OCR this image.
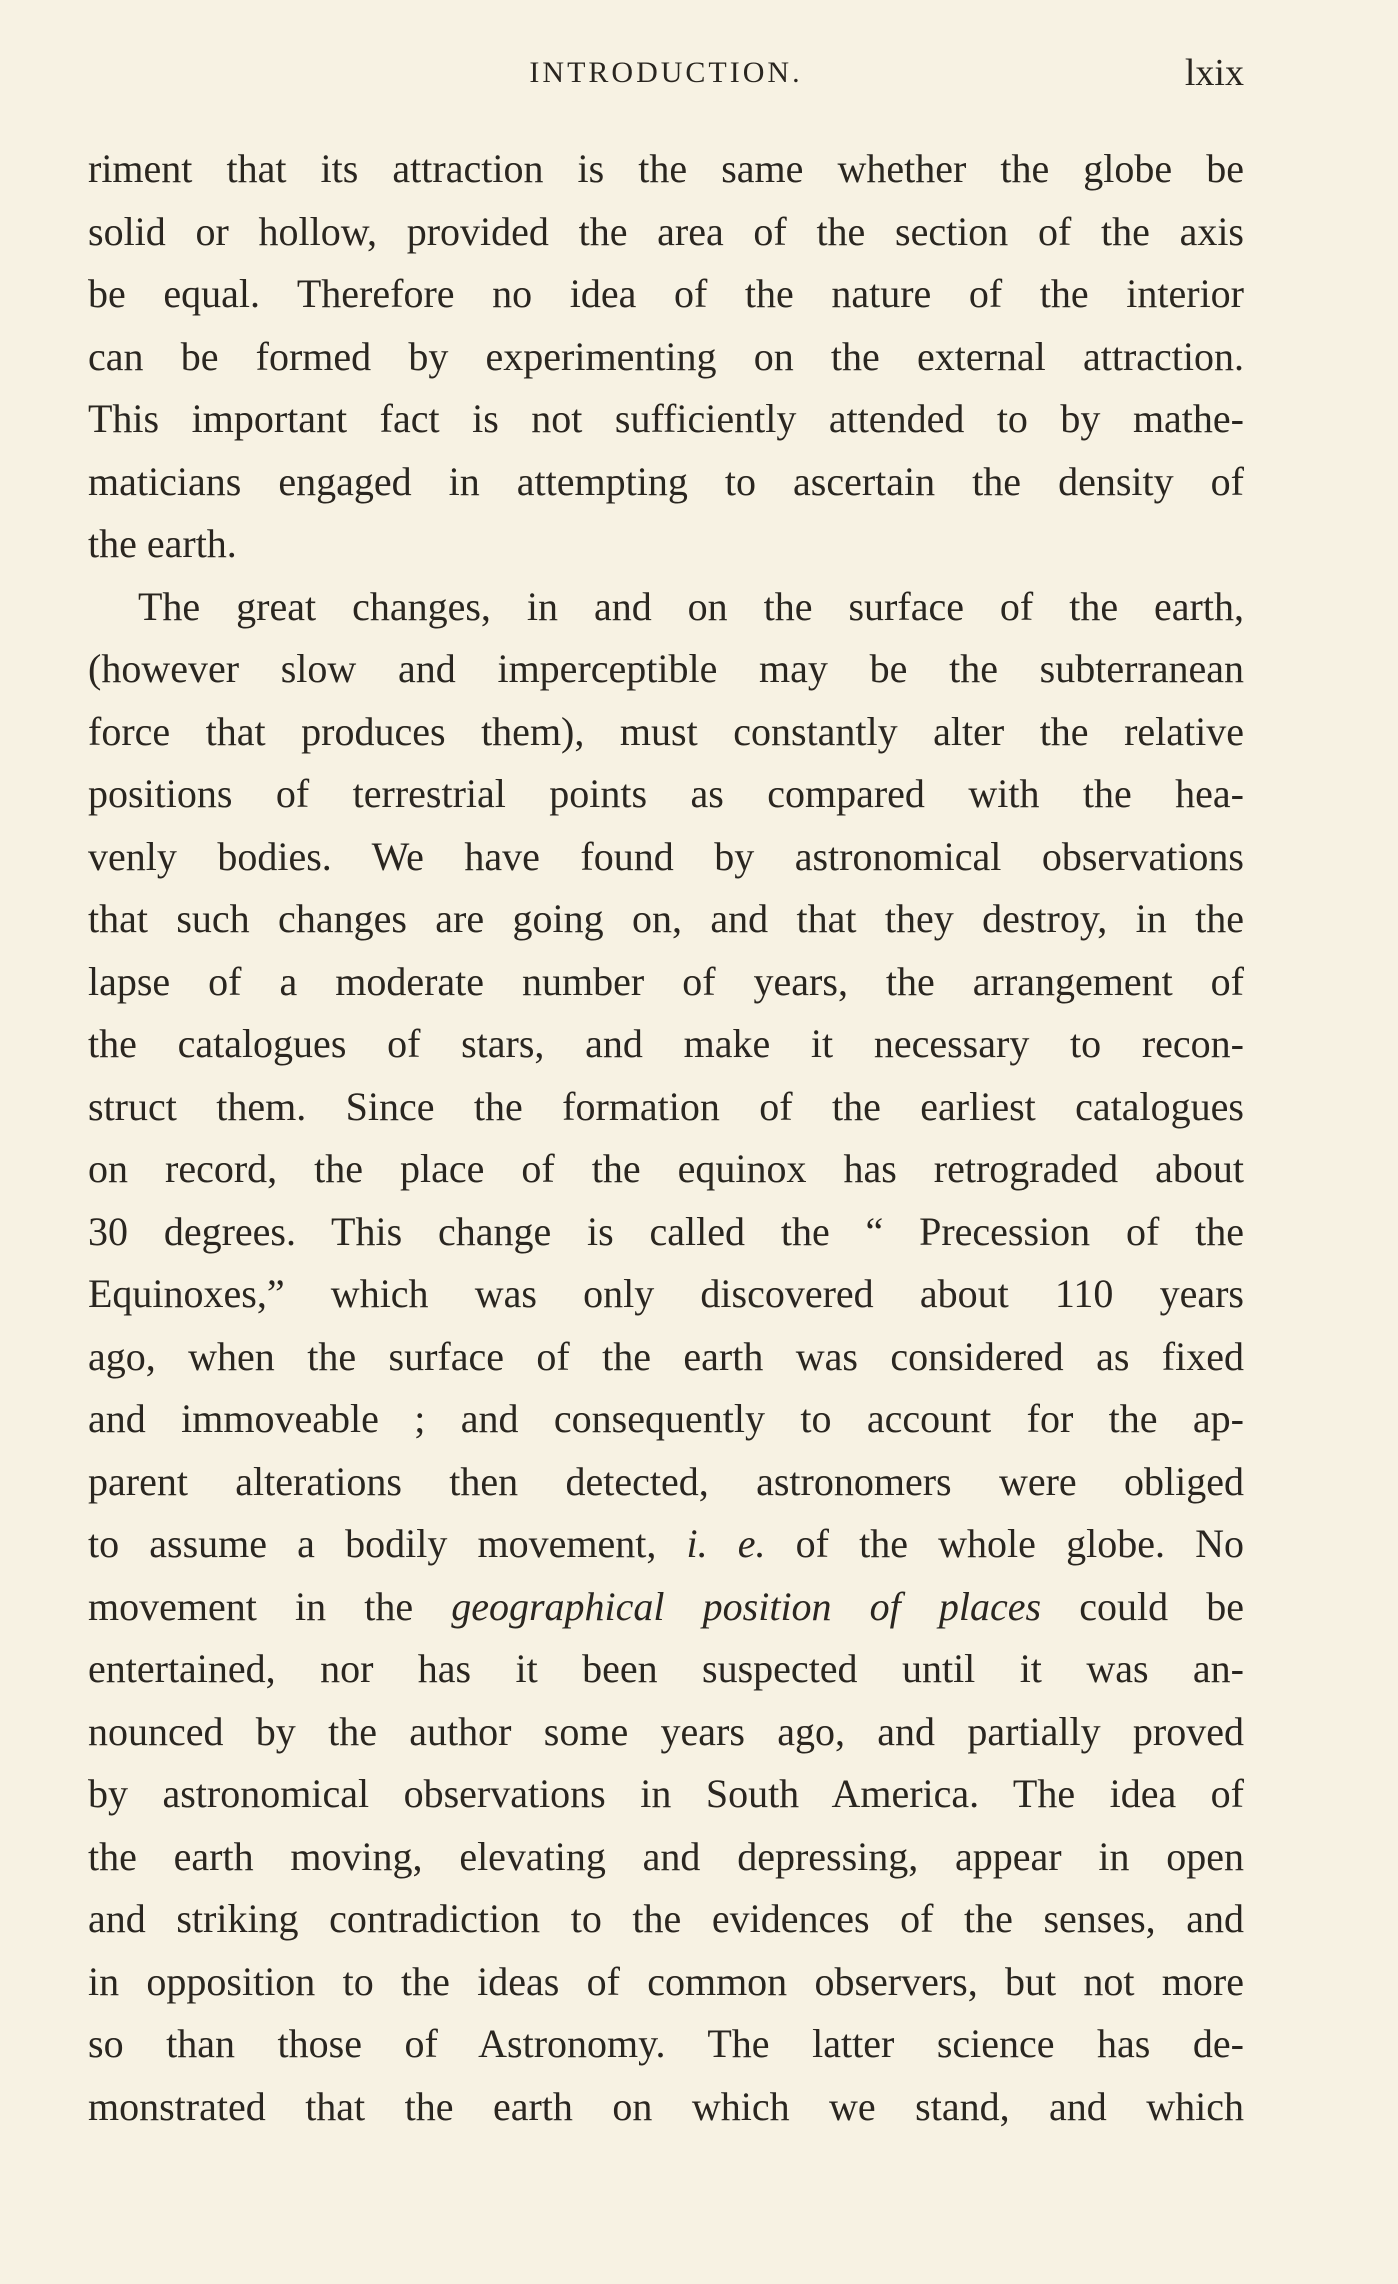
INTRODUCTION.	lxix
riment that its attraction is the same whether the globe be
solid or hollow, provided the area of the section of the axis
be equal. Therefore no idea of the nature of the interior
can be formed by experimenting on the external attraction.
This important fact is not sufficiently attended to by mathe-
maticians engaged in attempting to ascertain the density of
the earth.
The great changes, in and on the surface of the earth,
(however slow and imperceptible may be the subterranean
force that produces them), must constantly alter the relative
positions of terrestrial points as compared with the hea-
venly bodies. We have found by astronomical observations
that such changes are going on, and that they destroy, in the
lapse of a moderate number of years, the arrangement of
the catalogues of stars, and make it necessary to recon-
struct them. Since the formation of the earliest catalogues
on record, the place of the equinox has retrograded about
30 degrees. This change is called the “ Precession of the
Equinoxes,” which was only discovered about 110 years
ago, when the surface of the earth was considered as fixed
and immoveable ; and consequently to account for the ap-
parent alterations then detected, astronomers were obliged
to assume a bodily movement, i. e. of the whole globe. No
movement in the geographical position of places could be
entertained, nor has it been suspected until it was an-
nounced by the author some years ago, and partially proved
by astronomical observations in South America. The idea of
the earth moving, elevating and depressing, appear in open
and striking contradiction to the evidences of the senses, and
in opposition to the ideas of common observers, but not more
so than those of Astronomy. The latter science has de-
monstrated that the earth on which we stand, and which
